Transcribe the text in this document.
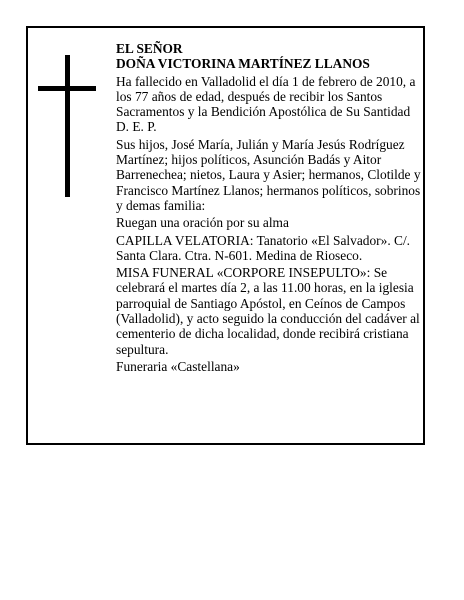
EL SEÑOR

DOÑA VICTORINA MARTÍNEZ LLANOS

Ha fallecido en Valladolid el día 1 de febrero de 2010, a los 77 años de edad, después de recibir los Santos Sacramentos y la Bendición Apostólica de Su Santidad D. E. P.

Sus hijos, José María, Julián y María Jesús Rodríguez Martínez; hijos políticos, Asunción Badás y Aitor Barrenechea; nietos, Laura y Asier; hermanos, Clotilde y Francisco Martínez Llanos; hermanos políticos, sobrinos y demas familia:

Ruegan una oración por su alma

CAPILLA VELATORIA: Tanatorio «El Salvador». C/. Santa Clara. Ctra. N-601. Medina de Rioseco.

MISA FUNERAL «CORPORE INSEPULTO»: Se celebrará el martes día 2, a las 11.00 horas, en la iglesia parroquial de Santiago Apóstol, en Ceínos de Campos (Valladolid), y acto seguido la conducción del cadáver al cementerio de dicha localidad, donde recibirá cristiana sepultura.

Funeraria «Castellana»
